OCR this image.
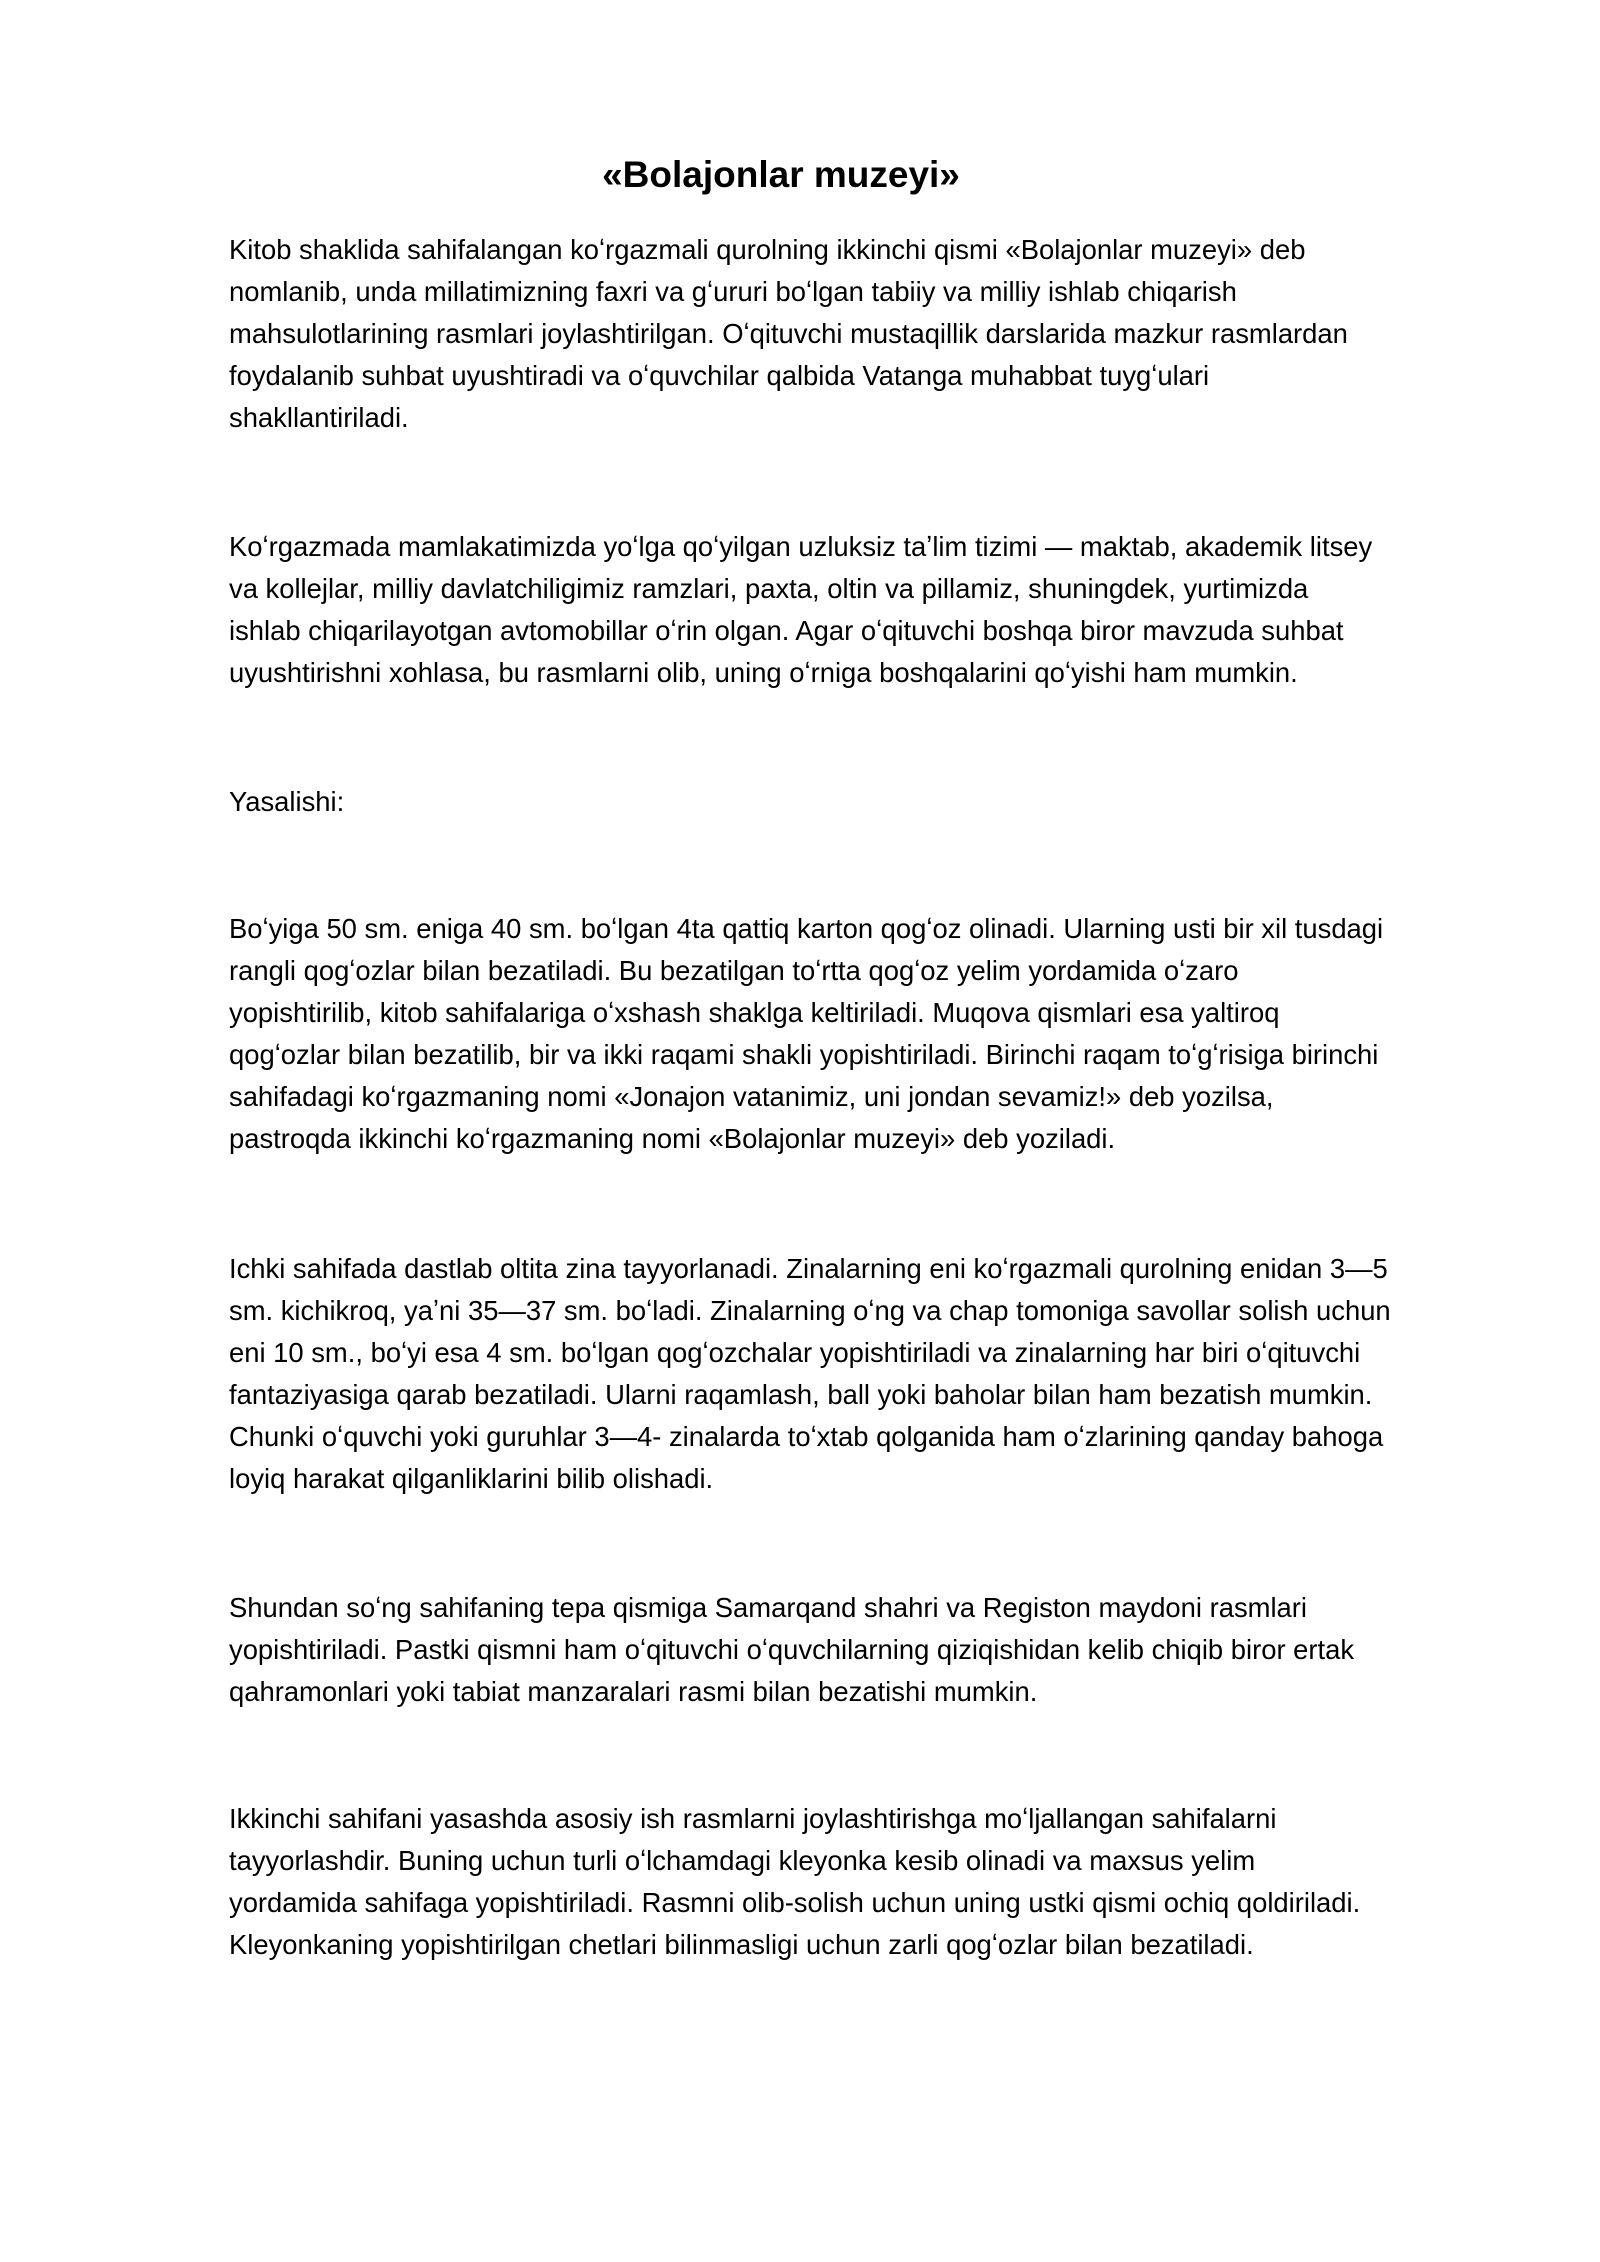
«Bolajonlar muzeyi»

Kitob shaklida sahifalangan koʻrgazmali qurolning ikkinchi qismi «Bolajonlar muzeyi» deb
nomlanib, unda millatimizning faxri va gʻururi boʻlgan tabiiy va milliy ishlab chiqarish
mahsulotlarining rasmlari joylashtirilgan. Oʻqituvchi mustaqillik darslarida mazkur rasmlardan
foydalanib suhbat uyushtiradi va oʻquvchilar qalbida Vatanga muhabbat tuygʻulari
shakllantiriladi.

Koʻrgazmada mamlakatimizda yoʻlga qoʻyilgan uzluksiz taʼlim tizimi — maktab, akademik litsey
va kollejlar, milliy davlatchiligimiz ramzlari, paxta, oltin va pillamiz, shuningdek, yurtimizda
ishlab chiqarilayotgan avtomobillar oʻrin olgan. Agar oʻqituvchi boshqa biror mavzuda suhbat
uyushtirishni xohlasa, bu rasmlarni olib, uning oʻrniga boshqalarini qoʻyishi ham mumkin.

Yasalishi:

Boʻyiga 50 sm. eniga 40 sm. boʻlgan 4ta qattiq karton qogʻoz olinadi. Ularning usti bir xil tusdagi
rangli qogʻozlar bilan bezatiladi. Bu bezatilgan toʻrtta qogʻoz yelim yordamida oʻzaro
yopishtirilib, kitob sahifalariga oʻxshash shaklga keltiriladi. Muqova qismlari esa yaltiroq
qogʻozlar bilan bezatilib, bir va ikki raqami shakli yopishtiriladi. Birinchi raqam toʻgʻrisiga birinchi
sahifadagi koʻrgazmaning nomi «Jonajon vatanimiz, uni jondan sevamiz!» deb yozilsa,
pastroqda ikkinchi koʻrgazmaning nomi «Bolajonlar muzeyi» deb yoziladi.

Ichki sahifada dastlab oltita zina tayyorlanadi. Zinalarning eni koʻrgazmali qurolning enidan 3—5
sm. kichikroq, yaʼni 35—37 sm. boʻladi. Zinalarning oʻng va chap tomoniga savollar solish uchun
eni 10 sm., boʻyi esa 4 sm. boʻlgan qogʻozchalar yopishtiriladi va zinalarning har biri oʻqituvchi
fantaziyasiga qarab bezatiladi. Ularni raqamlash, ball yoki baholar bilan ham bezatish mumkin.
Chunki oʻquvchi yoki guruhlar 3—4- zinalarda toʻxtab qolganida ham oʻzlarining qanday bahoga
loyiq harakat qilganliklarini bilib olishadi.

Shundan soʻng sahifaning tepa qismiga Samarqand shahri va Registon maydoni rasmlari
yopishtiriladi. Pastki qismni ham oʻqituvchi oʻquvchilarning qiziqishidan kelib chiqib biror ertak
qahramonlari yoki tabiat manzaralari rasmi bilan bezatishi mumkin.

Ikkinchi sahifani yasashda asosiy ish rasmlarni joylashtirishga moʻljallangan sahifalarni
tayyorlashdir. Buning uchun turli oʻlchamdagi kleyonka kesib olinadi va maxsus yelim
yordamida sahifaga yopishtiriladi. Rasmni olib-solish uchun uning ustki qismi ochiq qoldiriladi.
Kleyonkaning yopishtirilgan chetlari bilinmasligi uchun zarli qogʻozlar bilan bezatiladi.
